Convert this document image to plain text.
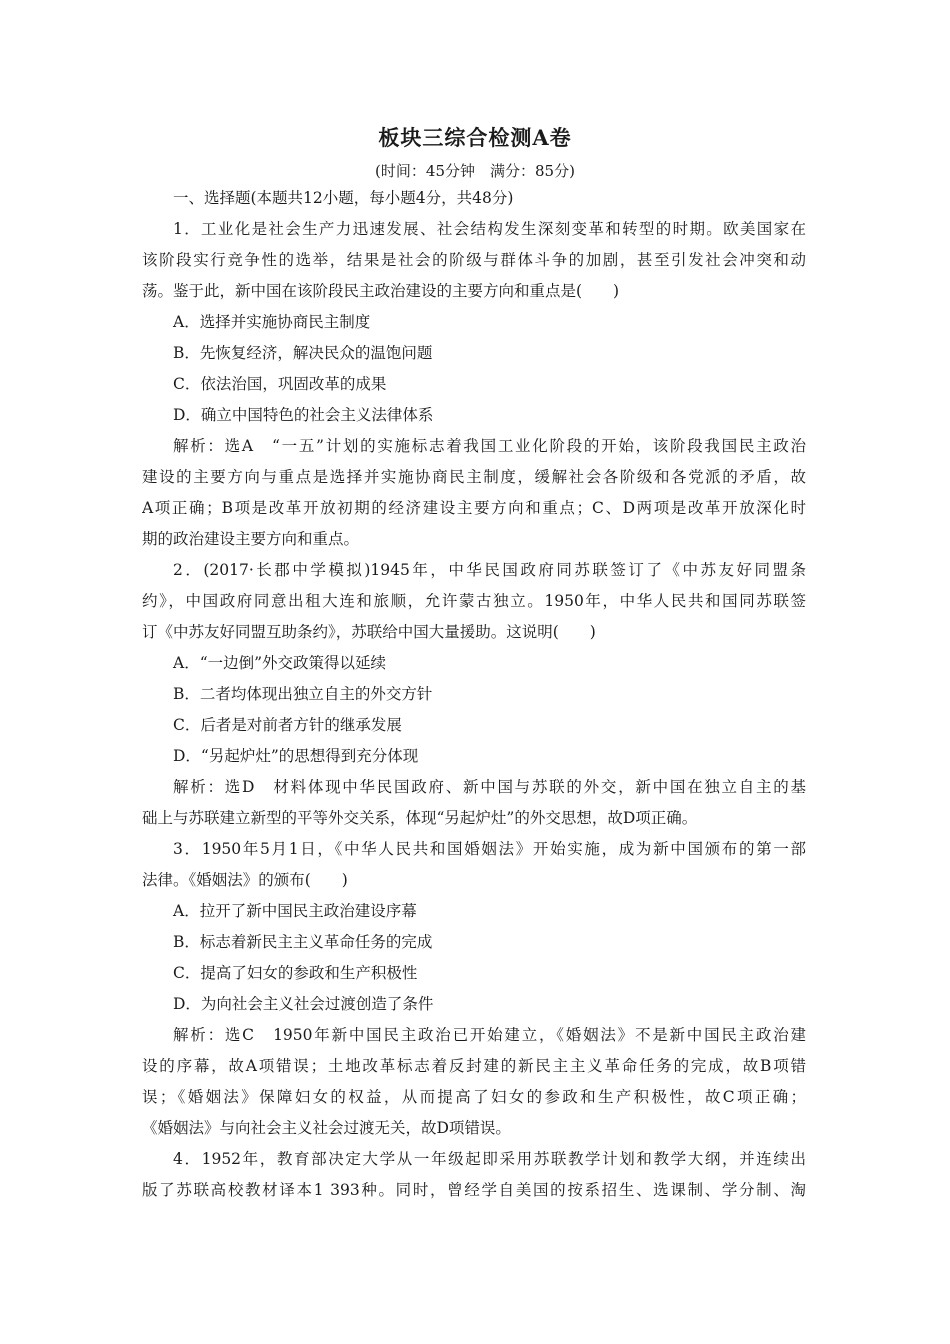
板块三综合检测A卷
(时间：45分钟　满分：85分)
一、选择题(本题共12小题，每小题4分，共48分)
1．工业化是社会生产力迅速发展、社会结构发生深刻变革和转型的时期。欧美国家在
该阶段实行竞争性的选举，结果是社会的阶级与群体斗争的加剧，甚至引发社会冲突和动
荡。鉴于此，新中国在该阶段民主政治建设的主要方向和重点是(　　)
A．选择并实施协商民主制度
B．先恢复经济，解决民众的温饱问题
C．依法治国，巩固改革的成果
D．确立中国特色的社会主义法律体系
解析：选A　“一五”计划的实施标志着我国工业化阶段的开始，该阶段我国民主政治
建设的主要方向与重点是选择并实施协商民主制度，缓解社会各阶级和各党派的矛盾，故
A项正确；B项是改革开放初期的经济建设主要方向和重点；C、D两项是改革开放深化时
期的政治建设主要方向和重点。
2．(2017·长郡中学模拟)1945年，中华民国政府同苏联签订了《中苏友好同盟条
约》，中国政府同意出租大连和旅顺，允许蒙古独立。1950年，中华人民共和国同苏联签
订《中苏友好同盟互助条约》，苏联给中国大量援助。这说明(　　)
A．“一边倒”外交政策得以延续
B．二者均体现出独立自主的外交方针
C．后者是对前者方针的继承发展
D．“另起炉灶”的思想得到充分体现
解析：选D　材料体现中华民国政府、新中国与苏联的外交，新中国在独立自主的基
础上与苏联建立新型的平等外交关系，体现“另起炉灶”的外交思想，故D项正确。
3．1950年5月1日，《中华人民共和国婚姻法》开始实施，成为新中国颁布的第一部
法律。《婚姻法》的颁布(　　)
A．拉开了新中国民主政治建设序幕
B．标志着新民主主义革命任务的完成
C．提高了妇女的参政和生产积极性
D．为向社会主义社会过渡创造了条件
解析：选C　1950年新中国民主政治已开始建立，《婚姻法》不是新中国民主政治建
设的序幕，故A项错误；土地改革标志着反封建的新民主主义革命任务的完成，故B项错
误；《婚姻法》保障妇女的权益，从而提高了妇女的参政和生产积极性，故C项正确；
《婚姻法》与向社会主义社会过渡无关，故D项错误。
4．1952年，教育部决定大学从一年级起即采用苏联教学计划和教学大纲，并连续出
版了苏联高校教材译本1 393种。同时，曾经学自美国的按系招生、选课制、学分制、淘
